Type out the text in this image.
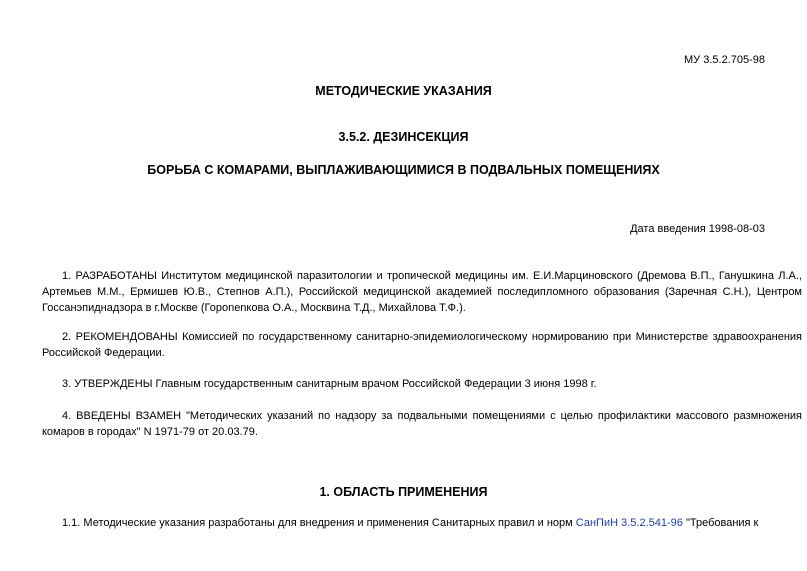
МУ 3.5.2.705-98
МЕТОДИЧЕСКИЕ УКАЗАНИЯ
3.5.2. ДЕЗИНСЕКЦИЯ
БОРЬБА С КОМАРАМИ, ВЫПЛАЖИВАЮЩИМИСЯ В ПОДВАЛЬНЫХ ПОМЕЩЕНИЯХ
Дата введения 1998-08-03
1. РАЗРАБОТАНЫ Институтом медицинской паразитологии и тропической медицины им. Е.И.Марциновского (Дремова В.П., Ганушкина Л.А., Артемьев М.М., Ермишев Ю.В., Степнов А.П.), Российской медицинской академией последипломного образования (Заречная С.Н.), Центром Госсанэпиднадзора в г.Москве (Горonenкова О.А., Москвина Т.Д., Михайлова Т.Ф.).
2. РЕКОМЕНДОВАНЫ Комиссией по государственному санитарно-эпидемиологическому нормированию при Министерстве здравоохранения Российской Федерации.
3. УТВЕРЖДЕНЫ Главным государственным санитарным врачом Российской Федерации 3 июня 1998 г.
4. ВВЕДЕНЫ ВЗАМЕН "Методических указаний по надзору за подвальными помещениями с целью профилактики массового размножения комаров в городах" N 1971-79 от 20.03.79.
1. ОБЛАСТЬ ПРИМЕНЕНИЯ
1.1. Методические указания разработаны для внедрения и применения Санитарных правил и норм СанПиН 3.5.2.541-96 "Требования к
